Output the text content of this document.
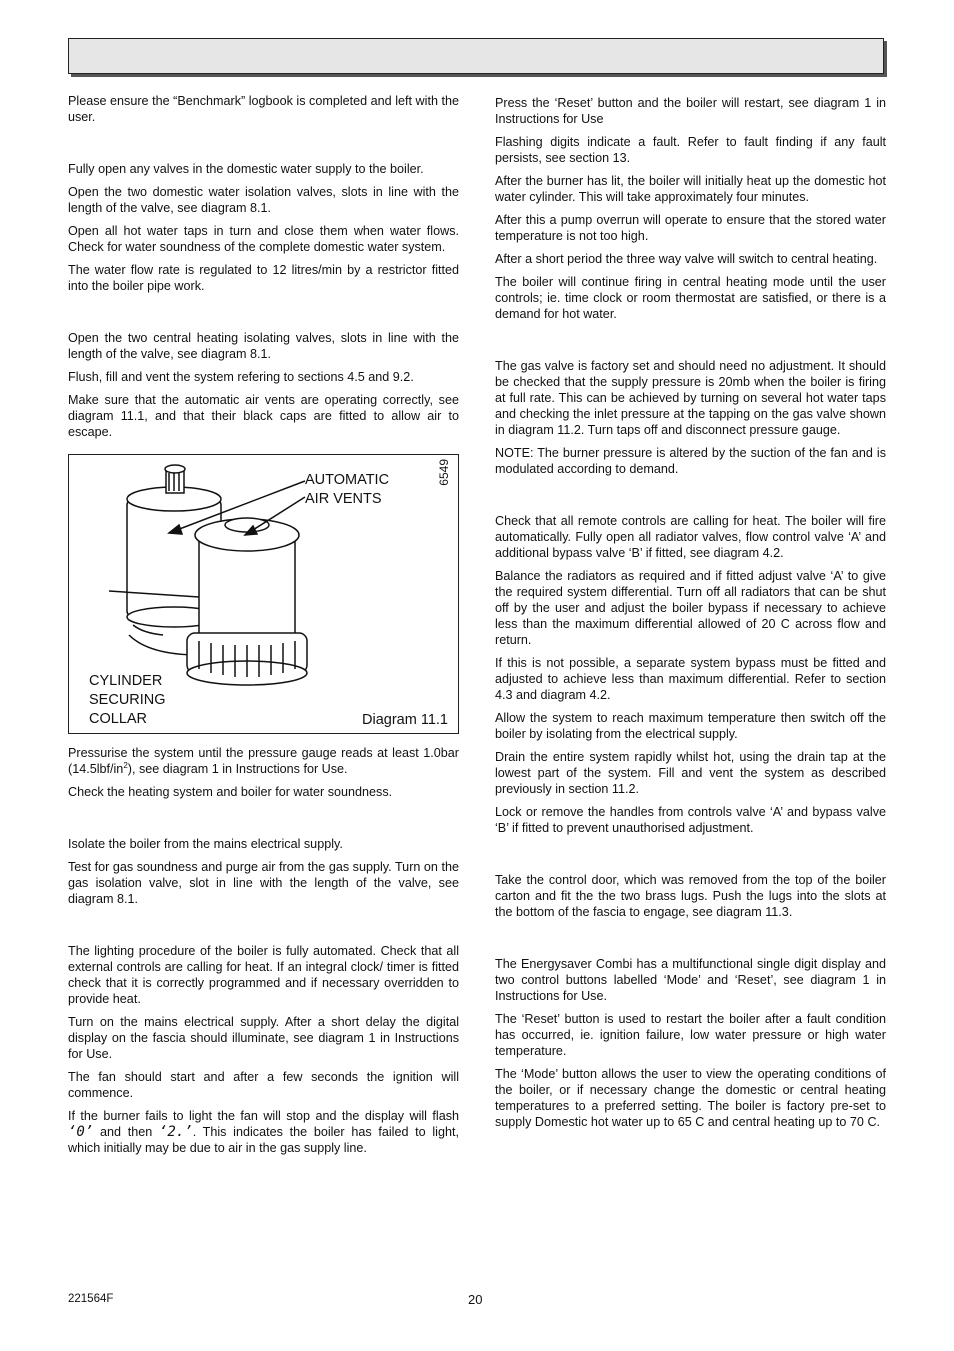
Please ensure the “Benchmark” logbook is completed and left with the user.

Fully open any valves in the domestic water supply to the boiler.

Open the two domestic water isolation valves, slots in line with the length of the valve, see diagram 8.1.

Open all hot water taps in turn and close them when water flows. Check for water soundness of the complete domestic water system.

The water flow rate is regulated to 12 litres/min by a restrictor fitted into the boiler pipe work.

Open the two central heating isolating valves, slots in line with the length of the valve, see diagram 8.1.

Flush, fill and vent the system refering to sections 4.5 and 9.2.

Make sure that the automatic air vents are operating correctly, see diagram 11.1, and that their black caps are fitted to allow air to escape.

AUTOMATIC
AIR VENTS
CYLINDER
SECURING
COLLAR	Diagram 11.1
6549

Pressurise the system until the pressure gauge reads at least 1.0bar $(14.5lbf/in^2)$, see diagram 1 in Instructions for Use.

Check the heating system and boiler for water soundness.

Isolate the boiler from the mains electrical supply.

Test for gas soundness and purge air from the gas supply. Turn on the gas isolation valve, slot in line with the length of the valve, see diagram 8.1.

The lighting procedure of the boiler is fully automated. Check that all external controls are calling for heat. If an integral clock/ timer is fitted check that it is correctly programmed and if necessary overridden to provide heat.

Turn on the mains electrical supply. After a short delay the digital display on the fascia should illuminate, see diagram 1 in Instructions for Use.

The fan should start and after a few seconds the ignition will commence.

If the burner fails to light the fan will stop and the display will flash ‘0’ and then ‘2.’. This indicates the boiler has failed to light, which initially may be due to air in the gas supply line.

Press the ‘Reset’ button and the boiler will restart, see diagram 1 in Instructions for Use

Flashing digits indicate a fault. Refer to fault finding if any fault persists, see section 13.

After the burner has lit, the boiler will initially heat up the domestic hot water cylinder. This will take approximately four minutes.

After this a pump overrun will operate to ensure that the stored water temperature is not too high.

After a short period the three way valve will switch to central heating.

The boiler will continue firing in central heating mode until the user controls; ie. time clock or room thermostat are satisfied, or there is a demand for hot water.

The gas valve is factory set and should need no adjustment. It should be checked that the supply pressure is 20mb when the boiler is firing at full rate. This can be achieved by turning on several hot water taps and checking the inlet pressure at the tapping on the gas valve shown in diagram 11.2. Turn taps off and disconnect pressure gauge.

NOTE: The burner pressure is altered by the suction of the fan and is modulated according to demand.

Check that all remote controls are calling for heat. The boiler will fire automatically. Fully open all radiator valves, flow control valve ‘A’ and additional bypass valve ‘B’ if fitted, see diagram 4.2.

Balance the radiators as required and if fitted adjust valve ‘A’ to give the required system differential. Turn off all radiators that can be shut off by the user and adjust the boiler bypass if necessary to achieve less than the maximum differential allowed of 20 C across flow and return.

If this is not possible, a separate system bypass must be fitted and adjusted to achieve less than maximum differential. Refer to section 4.3 and diagram 4.2.

Allow the system to reach maximum temperature then switch off the boiler by isolating from the electrical supply.

Drain the entire system rapidly whilst hot, using the drain tap at the lowest part of the system. Fill and vent the system as described previously in section 11.2.

Lock or remove the handles from controls valve ‘A’ and bypass valve ‘B’ if fitted to prevent unauthorised adjustment.

Take the control door, which was removed from the top of the boiler carton and fit the the two brass lugs. Push the lugs into the slots at the bottom of the fascia to engage, see diagram 11.3.

The Energysaver Combi has a multifunctional single digit display and two control buttons labelled ‘Mode’ and ‘Reset’, see diagram 1 in Instructions for Use.

The ‘Reset’ button is used to restart the boiler after a fault condition has occurred, ie. ignition failure, low water pressure or high water temperature.

The ‘Mode’ button allows the user to view the operating conditions of the boiler, or if necessary change the domestic or central heating temperatures to a preferred setting. The boiler is factory pre-set to supply Domestic hot water up to 65 C and central heating up to 70 C.

221564F	20
